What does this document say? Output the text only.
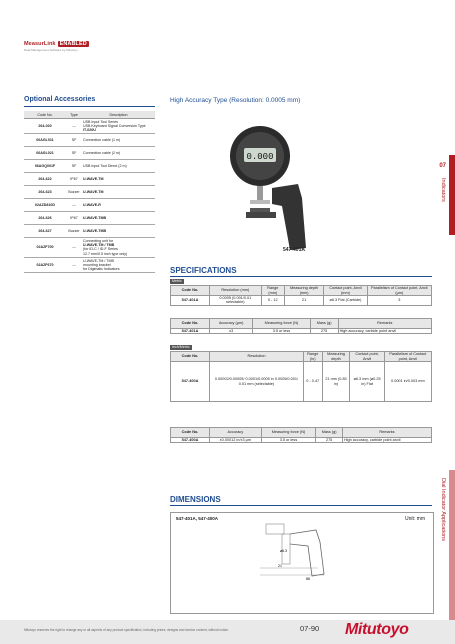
MeasurLink ENABLED
Data Management Software by Mitutoyo
Optional Accessories
Code No.	Type	Description
264-020	—	USB Input Tool Series
USB Keyboard Signal Conversion Type
IT-020U

06AGL011	SF	Connection cable (1 m)

06AGL021	SF	Connection cable (2 m)

06AGQ001F	SF	USB Input Tool Direct (2 m)

264-622	IP67	U-WAVE-TM

264-623	Buzzer	U-WAVE-TM

02AZD810D	—	U-WAVE-R

264-626	IP67	U-WAVE-TMB

264-627	Buzzer	U-WAVE-TMB

02AZF700	—	Connecting unit for
U-WAVE-TM / TMB
(for ID-C / ID-F Series
12.7 mm/0.5 inch type only)

02AZF670	—	U-WAVE-TM / TMB
mounting bracket
for Digimatic Indicators
High Accuracy Type (Resolution: 0.0005 mm)
0.000
547-401A
SPECIFICATIONS
Metric
Code No.	Resolution (mm)	Range (mm)	Measuring depth (mm)	Contact point, Anvil (mm)	Parallelism of Contact point, Anvil (µm)
547-401A	0.0005 (0.001/0.01 selectable)	0 - 12	21	ø6.3 Flat (Carbide)	3
Code No.	Accuracy (µm)	Measuring force (N)	Mass (g)	Remarks
547-401A	±3	3.5 or less	275	High accuracy, carbide point anvil
Inch/Metric
Code No.	Resolution	Range (in)	Measuring depth	Contact point, Anvil	Parallelism of Contact point, Anvil
547-400A	0.00002/0.00005/ 0.0001/0.0005 in 0.0005/0.001/ 0.01 mm (selectable)	0 - 0.47	21 mm (0.83 in)	ø6.3 mm (ø0.25 in) Flat	0.0001 in/0.003 mm
Code No.	Accuracy	Measuring force (N)	Mass (g)	Remarks
547-400A	±0.00012 in/±3 µm	3.5 or less	275	High accuracy, carbide point anvil
DIMENSIONS
547-401A, 547-400A	Unit: mm
ø6.3
21
88
07
Indicators
Dial Indicator Applications
Mitutoyo reserves the right to change any or all aspects of any product specification, including prices, designs and service content, without notice.	07-90 Mitutoyo
